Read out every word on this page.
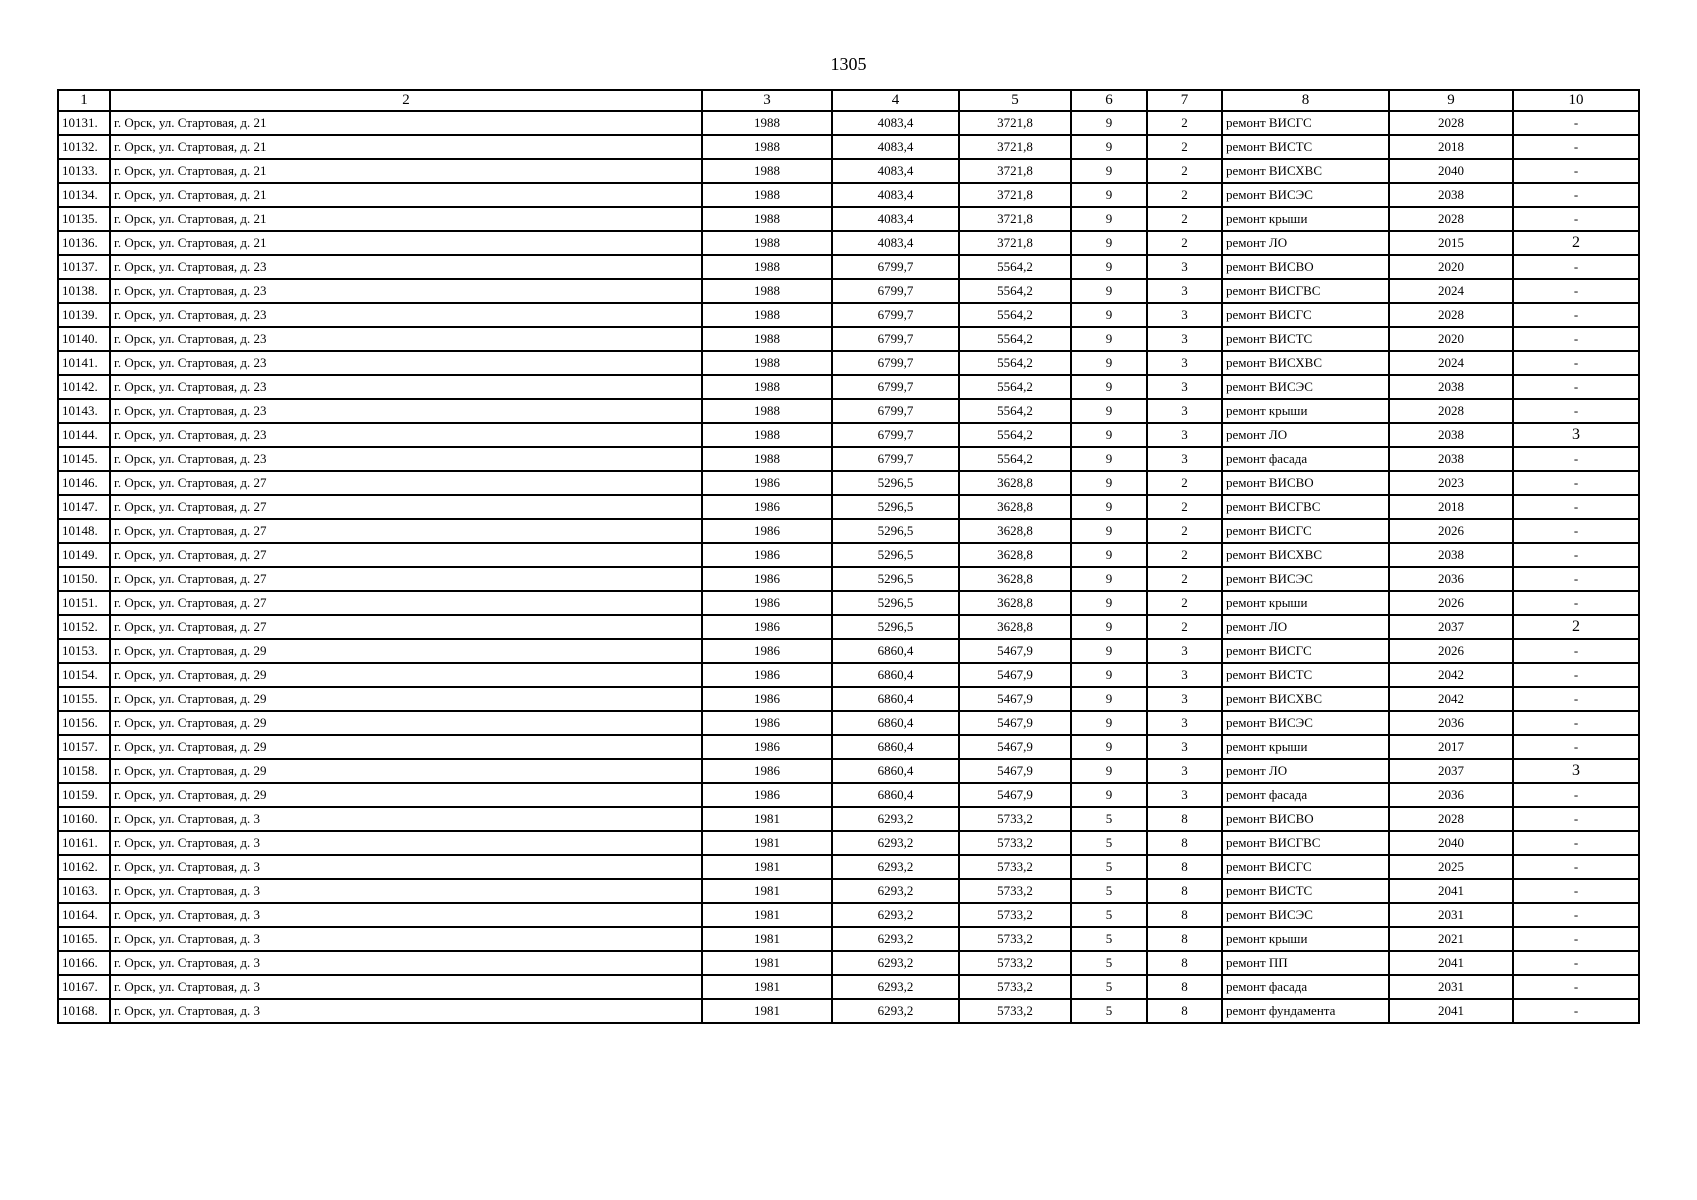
1305
1	2	3	4	5	6	7	8	9	10
10131.	г. Орск, ул. Стартовая, д. 21	1988	4083,4	3721,8	9	2	ремонт ВИСГС	2028	-
10132.	г. Орск, ул. Стартовая, д. 21	1988	4083,4	3721,8	9	2	ремонт ВИСТС	2018	-
10133.	г. Орск, ул. Стартовая, д. 21	1988	4083,4	3721,8	9	2	ремонт ВИСХВС	2040	-
10134.	г. Орск, ул. Стартовая, д. 21	1988	4083,4	3721,8	9	2	ремонт ВИСЭС	2038	-
10135.	г. Орск, ул. Стартовая, д. 21	1988	4083,4	3721,8	9	2	ремонт крыши	2028	-
10136.	г. Орск, ул. Стартовая, д. 21	1988	4083,4	3721,8	9	2	ремонт ЛО	2015	2
10137.	г. Орск, ул. Стартовая, д. 23	1988	6799,7	5564,2	9	3	ремонт ВИСВО	2020	-
10138.	г. Орск, ул. Стартовая, д. 23	1988	6799,7	5564,2	9	3	ремонт ВИСГВС	2024	-
10139.	г. Орск, ул. Стартовая, д. 23	1988	6799,7	5564,2	9	3	ремонт ВИСГС	2028	-
10140.	г. Орск, ул. Стартовая, д. 23	1988	6799,7	5564,2	9	3	ремонт ВИСТС	2020	-
10141.	г. Орск, ул. Стартовая, д. 23	1988	6799,7	5564,2	9	3	ремонт ВИСХВС	2024	-
10142.	г. Орск, ул. Стартовая, д. 23	1988	6799,7	5564,2	9	3	ремонт ВИСЭС	2038	-
10143.	г. Орск, ул. Стартовая, д. 23	1988	6799,7	5564,2	9	3	ремонт крыши	2028	-
10144.	г. Орск, ул. Стартовая, д. 23	1988	6799,7	5564,2	9	3	ремонт ЛО	2038	3
10145.	г. Орск, ул. Стартовая, д. 23	1988	6799,7	5564,2	9	3	ремонт фасада	2038	-
10146.	г. Орск, ул. Стартовая, д. 27	1986	5296,5	3628,8	9	2	ремонт ВИСВО	2023	-
10147.	г. Орск, ул. Стартовая, д. 27	1986	5296,5	3628,8	9	2	ремонт ВИСГВС	2018	-
10148.	г. Орск, ул. Стартовая, д. 27	1986	5296,5	3628,8	9	2	ремонт ВИСГС	2026	-
10149.	г. Орск, ул. Стартовая, д. 27	1986	5296,5	3628,8	9	2	ремонт ВИСХВС	2038	-
10150.	г. Орск, ул. Стартовая, д. 27	1986	5296,5	3628,8	9	2	ремонт ВИСЭС	2036	-
10151.	г. Орск, ул. Стартовая, д. 27	1986	5296,5	3628,8	9	2	ремонт крыши	2026	-
10152.	г. Орск, ул. Стартовая, д. 27	1986	5296,5	3628,8	9	2	ремонт ЛО	2037	2
10153.	г. Орск, ул. Стартовая, д. 29	1986	6860,4	5467,9	9	3	ремонт ВИСГС	2026	-
10154.	г. Орск, ул. Стартовая, д. 29	1986	6860,4	5467,9	9	3	ремонт ВИСТС	2042	-
10155.	г. Орск, ул. Стартовая, д. 29	1986	6860,4	5467,9	9	3	ремонт ВИСХВС	2042	-
10156.	г. Орск, ул. Стартовая, д. 29	1986	6860,4	5467,9	9	3	ремонт ВИСЭС	2036	-
10157.	г. Орск, ул. Стартовая, д. 29	1986	6860,4	5467,9	9	3	ремонт крыши	2017	-
10158.	г. Орск, ул. Стартовая, д. 29	1986	6860,4	5467,9	9	3	ремонт ЛО	2037	3
10159.	г. Орск, ул. Стартовая, д. 29	1986	6860,4	5467,9	9	3	ремонт фасада	2036	-
10160.	г. Орск, ул. Стартовая, д. 3	1981	6293,2	5733,2	5	8	ремонт ВИСВО	2028	-
10161.	г. Орск, ул. Стартовая, д. 3	1981	6293,2	5733,2	5	8	ремонт ВИСГВС	2040	-
10162.	г. Орск, ул. Стартовая, д. 3	1981	6293,2	5733,2	5	8	ремонт ВИСГС	2025	-
10163.	г. Орск, ул. Стартовая, д. 3	1981	6293,2	5733,2	5	8	ремонт ВИСТС	2041	-
10164.	г. Орск, ул. Стартовая, д. 3	1981	6293,2	5733,2	5	8	ремонт ВИСЭС	2031	-
10165.	г. Орск, ул. Стартовая, д. 3	1981	6293,2	5733,2	5	8	ремонт крыши	2021	-
10166.	г. Орск, ул. Стартовая, д. 3	1981	6293,2	5733,2	5	8	ремонт ПП	2041	-
10167.	г. Орск, ул. Стартовая, д. 3	1981	6293,2	5733,2	5	8	ремонт фасада	2031	-
10168.	г. Орск, ул. Стартовая, д. 3	1981	6293,2	5733,2	5	8	ремонт фундамента	2041	-
